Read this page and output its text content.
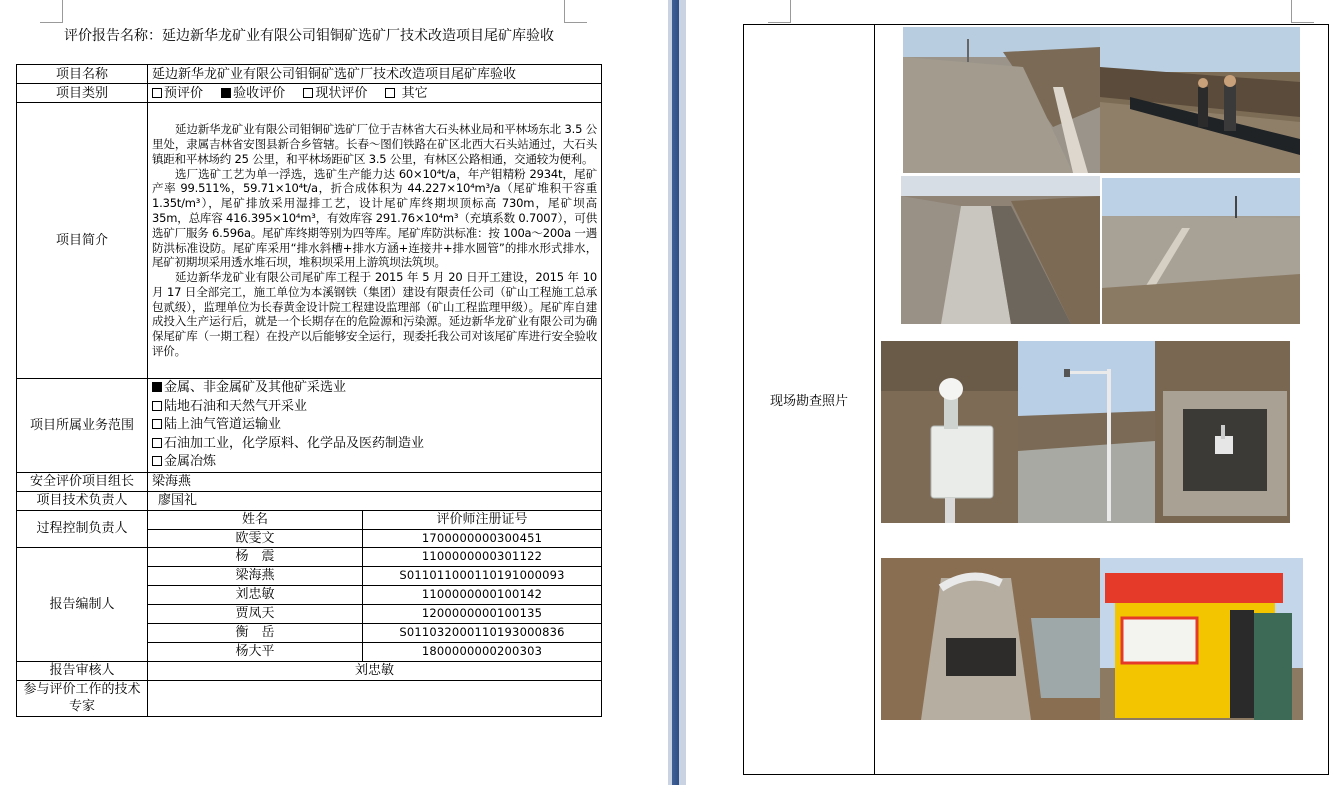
评价报告名称：延边新华龙矿业有限公司钼铜矿选矿厂技术改造项目尾矿库验收
项目名称	延边新华龙矿业有限公司钼铜矿选矿厂技术改造项目尾矿库验收	
项目类别	预评价 验收评价 现状评价 其它	
项目简介	延边新华龙矿业有限公司钼铜矿选矿厂位于吉林省大石头林业局和平林场东北 3.5 公里处，隶属吉林省安图县新合乡管辖。长春～图们铁路在矿区北西大石头站通过，大石头镇距和平林场约 25 公里，和平林场距矿区 3.5 公里，有林区公路相通，交通较为便利。

选厂选矿工艺为单一浮选，选矿生产能力达 60×10⁴t/a，年产钼精粉 2934t，尾矿产率 99.511%，59.71×10⁴t/a，折合成体积为 44.227×10⁴m³/a（尾矿堆积干容重 1.35t/m³），尾矿排放采用湿排工艺，设计尾矿库终期坝顶标高 730m，尾矿坝高 35m，总库容 416.395×10⁴m³，有效库容 291.76×10⁴m³（充填系数 0.7007），可供选矿厂服务 6.596a。尾矿库终期等别为四等库。尾矿库防洪标准：按 100a～200a 一遇防洪标准设防。尾矿库采用“排水斜槽+排水方涵+连接井+排水圆管”的排水形式排水，尾矿初期坝采用透水堆石坝，堆积坝采用上游筑坝法筑坝。

延边新华龙矿业有限公司尾矿库工程于 2015 年 5 月 20 日开工建设，2015 年 10 月 17 日全部完工，施工单位为本溪钢铁（集团）建设有限责任公司（矿山工程施工总承包贰级），监理单位为长春黄金设计院工程建设监理部（矿山工程监理甲级）。尾矿库自建成投入生产运行后，就是一个长期存在的危险源和污染源。延边新华龙矿业有限公司为确保尾矿库（一期工程）在投产以后能够安全运行，现委托我公司对该尾矿库进行安全验收评价。	

项目所属业务范围	金属、非金属矿及其他矿采选业
陆地石油和天然气开采业
陆上油气管道运输业
石油加工业，化学原料、化学品及医药制造业
金属冶炼	

安全评价项目组长	梁海燕	
项目技术负责人	廖国礼	
过程控制负责人	姓名	评价师注册证号
	欧雯文	1700000000300451
报告编制人	杨　震	1100000000301122
	梁海燕	S011011000110191000093
	刘忠敏	1100000000100142
	贾凤天	1200000000100135
	衡　岳	S011032000110193000836
	杨大平	1800000000200303
报告审核人	刘忠敏	
参与评价工作的技术专家		
现场勘查照片	
